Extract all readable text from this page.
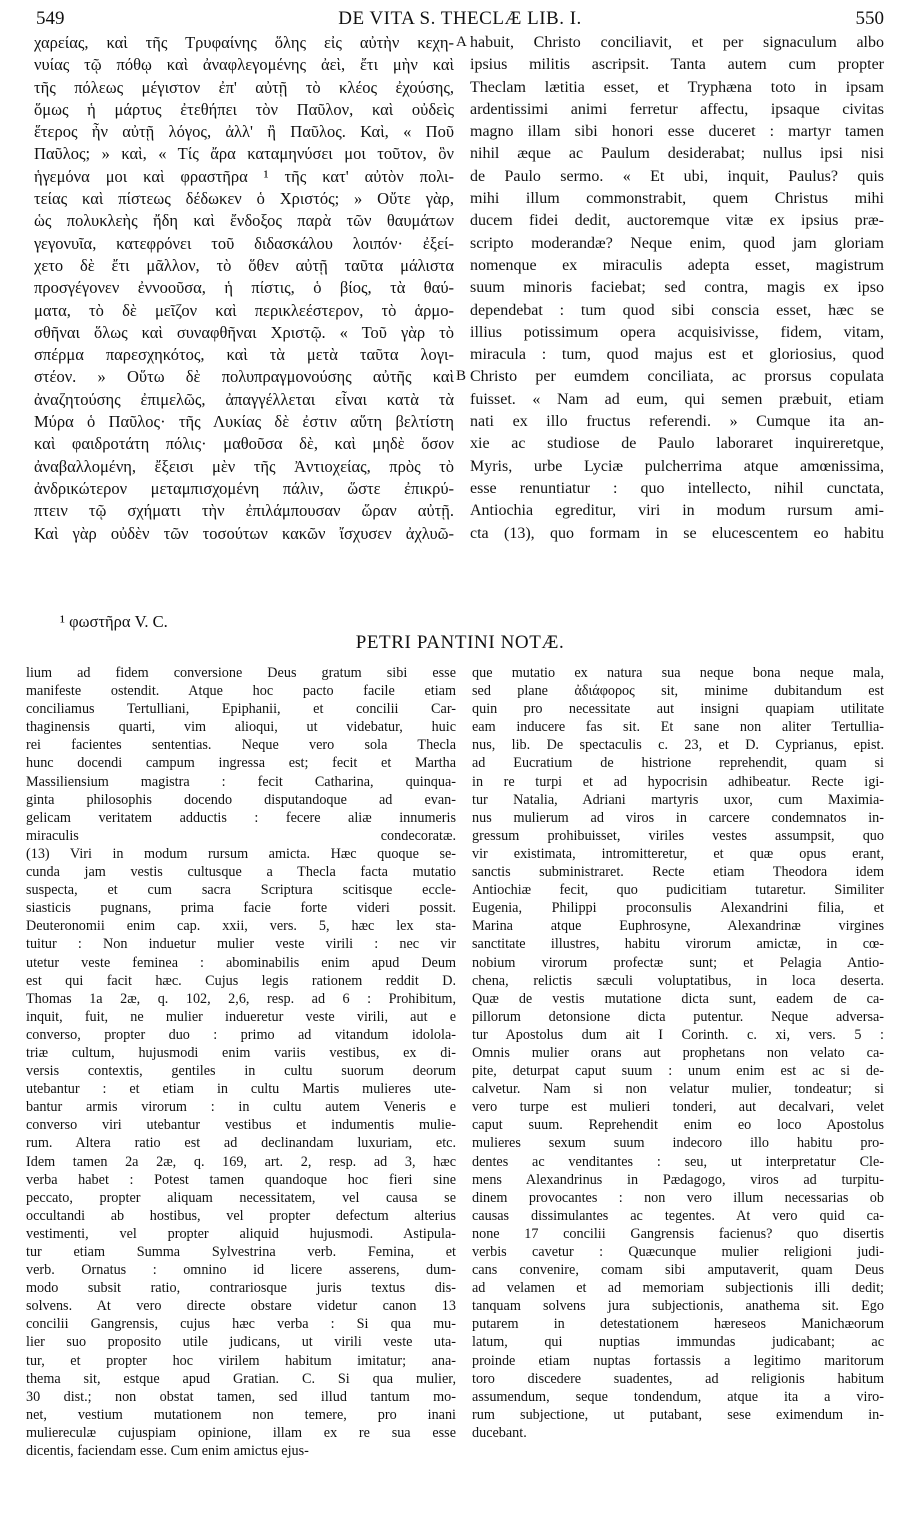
549	DE VITA S. THECLÆ LIB. I.	550
χαρείας, καὶ τῆς Τρυφαίνης ὅλης εἰς αὐτὴν κεχη-
νυίας τῷ πόθῳ καὶ ἀναφλεγομένης ἀεὶ, ἔτι μὴν καὶ
τῆς πόλεως μέγιστον ἐπ' αὐτῇ τὸ κλέος ἐχούσης,
ὅμως ἡ μάρτυς ἐτεθήπει τὸν Παῦλον, καὶ οὐδεὶς
ἕτερος ἦν αὐτῇ λόγος, ἀλλ' ἢ Παῦλος. Καὶ, « Ποῦ
Παῦλος; » καὶ, « Τίς ἄρα καταμηνύσει μοι τοῦτον, ὃν
ἡγεμόνα μοι καὶ φραστῆρα ¹ τῆς κατ' αὐτὸν πολι-
τείας καὶ πίστεως δέδωκεν ὁ Χριστός; » Οὔτε γὰρ,
ὡς πολυκλεὴς ἤδη καὶ ἔνδοξος παρὰ τῶν θαυμάτων
γεγονυῖα, κατεφρόνει τοῦ διδασκάλου λοιπόν· ἐξεί-
χετο δὲ ἔτι μᾶλλον, τὸ ὅθεν αὐτῇ ταῦτα μάλιστα
προσγέγονεν ἐννοοῦσα, ἡ πίστις, ὁ βίος, τὰ θαύ-
ματα, τὸ δὲ μεῖζον καὶ περικλεέστερον, τὸ ἁρμο-
σθῆναι ὅλως καὶ συναφθῆναι Χριστῷ. « Τοῦ γὰρ τὸ
σπέρμα παρεσχηκότος, καὶ τὰ μετὰ ταῦτα λογι-
στέον. » Οὕτω δὲ πολυπραγμονούσης αὐτῆς καὶ
ἀναζητούσης ἐπιμελῶς, ἀπαγγέλλεται εἶναι κατὰ τὰ
Μύρα ὁ Παῦλος· τῆς Λυκίας δὲ ἐστιν αὕτη βελτίστη
καὶ φαιδροτάτη πόλις· μαθοῦσα δὲ, καὶ μηδὲ ὅσον
ἀναβαλλομένη, ἔξεισι μὲν τῆς Ἀντιοχείας, πρὸς τὸ
ἀνδρικώτερον μεταμπισχομένη πάλιν, ὥστε ἐπικρύ-
πτειν τῷ σχήματι τὴν ἐπιλάμπουσαν ὥραν αὐτῇ.
Καὶ γὰρ οὐδὲν τῶν τοσούτων κακῶν ἴσχυσεν ἀχλυῶ-
habuit, Christo conciliavit, et per signaculum albo
ipsius militis ascripsit. Tanta autem cum propter
Theclam lætitia esset, et Tryphæna toto in ipsam
ardentissimi animi ferretur affectu, ipsaque civitas
magno illam sibi honori esse duceret : martyr tamen
nihil æque ac Paulum desiderabat; nullus ipsi nisi
de Paulo sermo. « Et ubi, inquit, Paulus? quis
mihi illum commonstrabit, quem Christus mihi
ducem fidei dedit, auctoremque vitæ ex ipsius præ-
scripto moderandæ? Neque enim, quod jam gloriam
nomenque ex miraculis adepta esset, magistrum
suum minoris faciebat; sed contra, magis ex ipso
dependebat : tum quod sibi conscia esset, hæc se
illius potissimum opera acquisivisse, fidem, vitam,
miracula : tum, quod majus est et gloriosius, quod
Christo per eumdem conciliata, ac prorsus copulata
fuisset. « Nam ad eum, qui semen præbuit, etiam
nati ex illo fructus referendi. » Cumque ita an-
xie ac studiose de Paulo laboraret inquireretque,
Myris, urbe Lyciæ pulcherrima atque amœnissima,
esse renuntiatur : quo intellecto, nihil cunctata,
Antiochia egreditur, viri in modum rursum ami-
cta (13), quo formam in se elucescentem eo habitu
A
B
¹ φωστῆρα V. C.
PETRI PANTINI NOTÆ.
lium ad fidem conversione Deus gratum sibi esse
manifeste ostendit. Atque hoc pacto facile etiam
conciliamus Tertulliani, Epiphanii, et concilii Car-
thaginensis quarti, vim alioqui, ut videbatur, huic
rei facientes sententias. Neque vero sola Thecla
hunc docendi campum ingressa est; fecit et Martha
Massiliensium magistra : fecit Catharina, quinqua-
ginta philosophis docendo disputandoque ad evan-
gelicam veritatem adductis : fecere aliæ innumeris
miraculis condecoratæ.
(13) Viri in modum rursum amicta. Hæc quoque se-
cunda jam vestis cultusque a Thecla facta mutatio
suspecta, et cum sacra Scriptura scitisque eccle-
siasticis pugnans, prima facie forte videri possit.
Deuteronomii enim cap. xxii, vers. 5, hæc lex sta-
tuitur : Non induetur mulier veste virili : nec vir
utetur veste feminea : abominabilis enim apud Deum
est qui facit hæc. Cujus legis rationem reddit D.
Thomas 1a 2æ, q. 102, 2,6, resp. ad 6 : Prohibitum,
inquit, fuit, ne mulier indueretur veste virili, aut e
converso, propter duo : primo ad vitandum idolola-
triæ cultum, hujusmodi enim variis vestibus, ex di-
versis contextis, gentiles in cultu suorum deorum
utebantur : et etiam in cultu Martis mulieres ute-
bantur armis virorum : in cultu autem Veneris e
converso viri utebantur vestibus et indumentis mulie-
rum. Altera ratio est ad declinandam luxuriam, etc.
Idem tamen 2a 2æ, q. 169, art. 2, resp. ad 3, hæc
verba habet : Potest tamen quandoque hoc fieri sine
peccato, propter aliquam necessitatem, vel causa se
occultandi ab hostibus, vel propter defectum alterius
vestimenti, vel propter aliquid hujusmodi. Astipula-
tur etiam Summa Sylvestrina verb. Femina, et
verb. Ornatus : omnino id licere asserens, dum-
modo subsit ratio, contrariosque juris textus dis-
solvens. At vero directe obstare videtur canon 13
concilii Gangrensis, cujus hæc verba : Si qua mu-
lier suo proposito utile judicans, ut virili veste uta-
tur, et propter hoc virilem habitum imitatur; ana-
thema sit, estque apud Gratian. C. Si qua mulier,
30 dist.; non obstat tamen, sed illud tantum mo-
net, vestium mutationem non temere, pro inani
muliereculæ cujuspiam opinione, illam ex re sua esse
dicentis, faciendam esse. Cum enim amictus ejus-
que mutatio ex natura sua neque bona neque mala,
sed plane ἀδιάφορος sit, minime dubitandum est
quin pro necessitate aut insigni quapiam utilitate
eam inducere fas sit. Et sane non aliter Tertullia-
nus, lib. De spectaculis c. 23, et D. Cyprianus, epist.
ad Eucratium de histrione reprehendit, quam si
in re turpi et ad hypocrisin adhibeatur. Recte igi-
tur Natalia, Adriani martyris uxor, cum Maximia-
nus mulierum ad viros in carcere condemnatos in-
gressum prohibuisset, viriles vestes assumpsit, quo
vir existimata, intromitteretur, et quæ opus erant,
sanctis subministraret. Recte etiam Theodora idem
Antiochiæ fecit, quo pudicitiam tutaretur. Similiter
Eugenia, Philippi proconsulis Alexandrini filia, et
Marina atque Euphrosyne, Alexandrinæ virgines
sanctitate illustres, habitu virorum amictæ, in cœ-
nobium virorum profectæ sunt; et Pelagia Antio-
chena, relictis sæculi voluptatibus, in loca deserta.
Quæ de vestis mutatione dicta sunt, eadem de ca-
pillorum detonsione dicta putentur. Neque adversa-
tur Apostolus dum ait I Corinth. c. xi, vers. 5 :
Omnis mulier orans aut prophetans non velato ca-
pite, deturpat caput suum : unum enim est ac si de-
calvetur. Nam si non velatur mulier, tondeatur; si
vero turpe est mulieri tonderi, aut decalvari, velet
caput suum. Reprehendit enim eo loco Apostolus
mulieres sexum suum indecoro illo habitu pro-
dentes ac venditantes : seu, ut interpretatur Cle-
mens Alexandrinus in Pædagogo, viros ad turpitu-
dinem provocantes : non vero illum necessarias ob
causas dissimulantes ac tegentes. At vero quid ca-
none 17 concilii Gangrensis facienus? quo disertis
verbis cavetur : Quæcunque mulier religioni judi-
cans convenire, comam sibi amputaverit, quam Deus
ad velamen et ad memoriam subjectionis illi dedit;
tanquam solvens jura subjectionis, anathema sit. Ego
putarem in detestationem hæreseos Manichæorum
latum, qui nuptias immundas judicabant; ac
proinde etiam nuptas fortassis a legitimo maritorum
toro discedere suadentes, ad religionis habitum
assumendum, seque tondendum, atque ita a viro-
rum subjectione, ut putabant, sese eximendum in-
ducebant.
